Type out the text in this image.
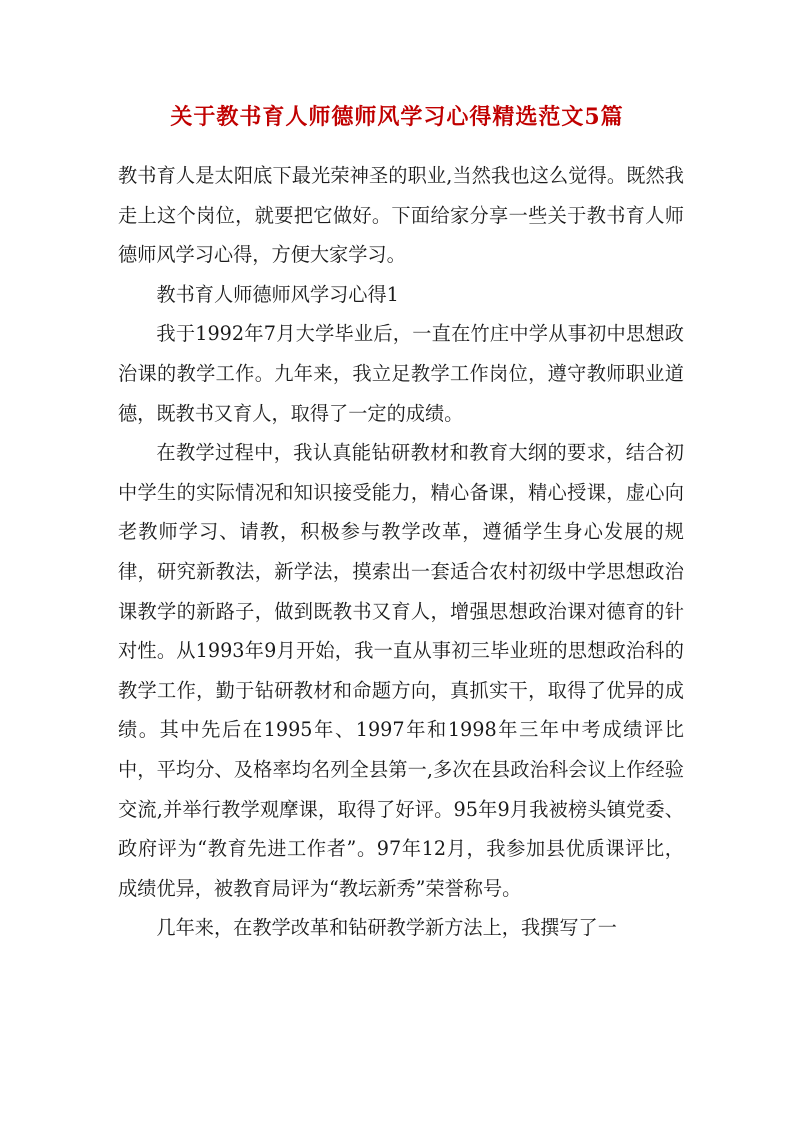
关于教书育人师德师风学习心得精选范文5篇

教书育人是太阳底下最光荣神圣的职业,当然我也这么觉得。既然我走上这个岗位，就要把它做好。下面给家分享一些关于教书育人师德师风学习心得，方便大家学习。

教书育人师德师风学习心得1

我于1992年7月大学毕业后，一直在竹庄中学从事初中思想政治课的教学工作。九年来，我立足教学工作岗位，遵守教师职业道德，既教书又育人，取得了一定的成绩。

在教学过程中，我认真能钻研教材和教育大纲的要求，结合初中学生的实际情况和知识接受能力，精心备课，精心授课，虚心向老教师学习、请教，积极参与教学改革，遵循学生身心发展的规律，研究新教法，新学法，摸索出一套适合农村初级中学思想政治课教学的新路子，做到既教书又育人，增强思想政治课对德育的针对性。从1993年9月开始，我一直从事初三毕业班的思想政治科的教学工作，勤于钻研教材和命题方向，真抓实干，取得了优异的成绩。其中先后在1995年、1997年和1998年三年中考成绩评比中，平均分、及格率均名列全县第一,多次在县政治科会议上作经验交流,并举行教学观摩课，取得了好评。95年9月我被榜头镇党委、政府评为“教育先进工作者”。97年12月，我参加县优质课评比，成绩优异，被教育局评为“教坛新秀”荣誉称号。

几年来，在教学改革和钻研教学新方法上，我撰写了一
